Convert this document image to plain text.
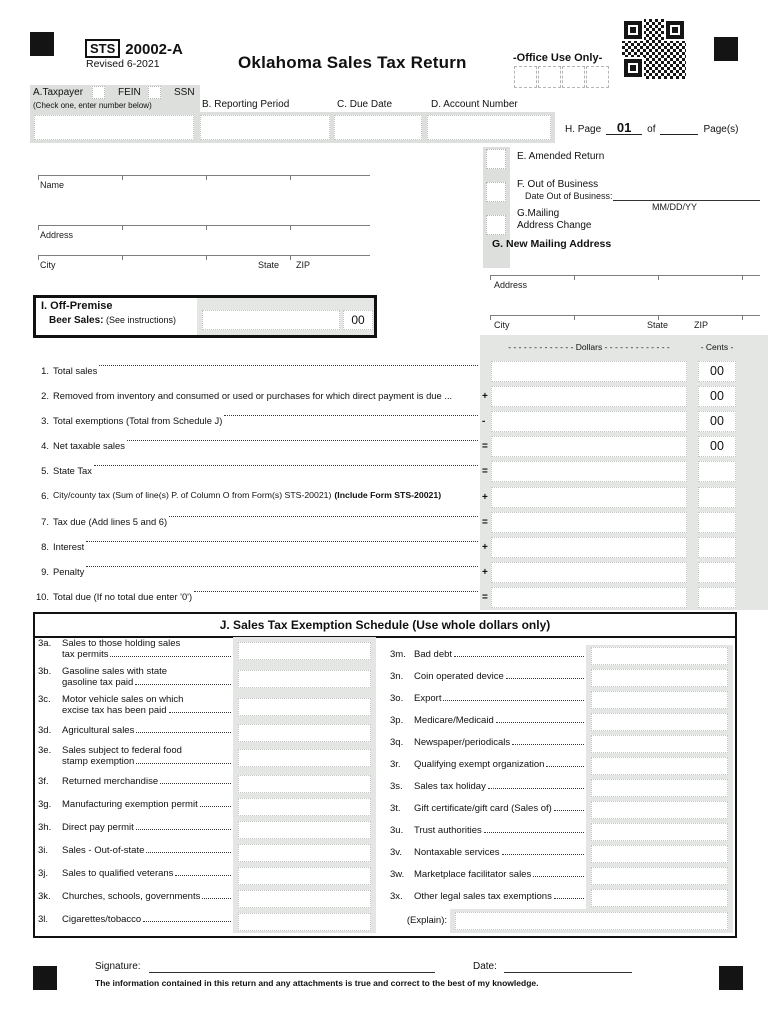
STS 20002-A
Revised 6-2021	Oklahoma Sales Tax Return	-Office Use Only-
A.Taxpayer	FEIN	SSN
(Check one, enter number below)	B. Reporting Period	C. Due Date	D. Account Number
H. Page	01	of	Page(s)
Name
Address
City	State ZIP
E. Amended Return
F. Out of Business
Date Out of Business:
MM/DD/YY
G.Mailing
Address Change
G. New Mailing Address
Address
City	State	ZIP
I. Off-Premise
Beer Sales: (See instructions)	00
- - - - - - - - - - - - - Dollars - - - - - - - - - - - - -	- Cents -
1. Total sales	00
2. Removed from inventory and consumed or used or purchases for which direct payment is due ...	+	00
3. Total exemptions (Total from Schedule J)	-	00
4. Net taxable sales	=	00
5. State Tax	=
6. City/county tax (Sum of line(s) P. of Column O from Form(s) STS-20021) (Include Form STS-20021)	+
7. Tax due (Add lines 5 and 6)	=
8. Interest	+
9. Penalty	+
10. Total due (If no total due enter '0')	=
J. Sales Tax Exemption Schedule (Use whole dollars only)
3a.	Sales to those holding sales
tax permits
3b.	Gasoline sales with state
gasoline tax paid
3c.	Motor vehicle sales on which
excise tax has been paid
3d.	Agricultural sales
3e.	Sales subject to federal food
stamp exemption
3f.	Returned merchandise
3g.	Manufacturing exemption permit
3h.	Direct pay permit
3i.	Sales - Out-of-state
3j.	Sales to qualified veterans
3k.	Churches, schools, governments
3l.	Cigarettes/tobacco
3m. Bad debt
3n.	Coin operated device
3o.	Export
3p.	Medicare/Medicaid
3q.	Newspaper/periodicals
3r.	Qualifying exempt organization
3s.	Sales tax holiday
3t.	Gift certificate/gift card (Sales of)
3u.	Trust authorities
3v.	Nontaxable services
3w.	Marketplace facilitator sales
3x.	Other legal sales tax exemptions
(Explain):
Signature:	Date:
The information contained in this return and any attachments is true and correct to the best of my knowledge.
